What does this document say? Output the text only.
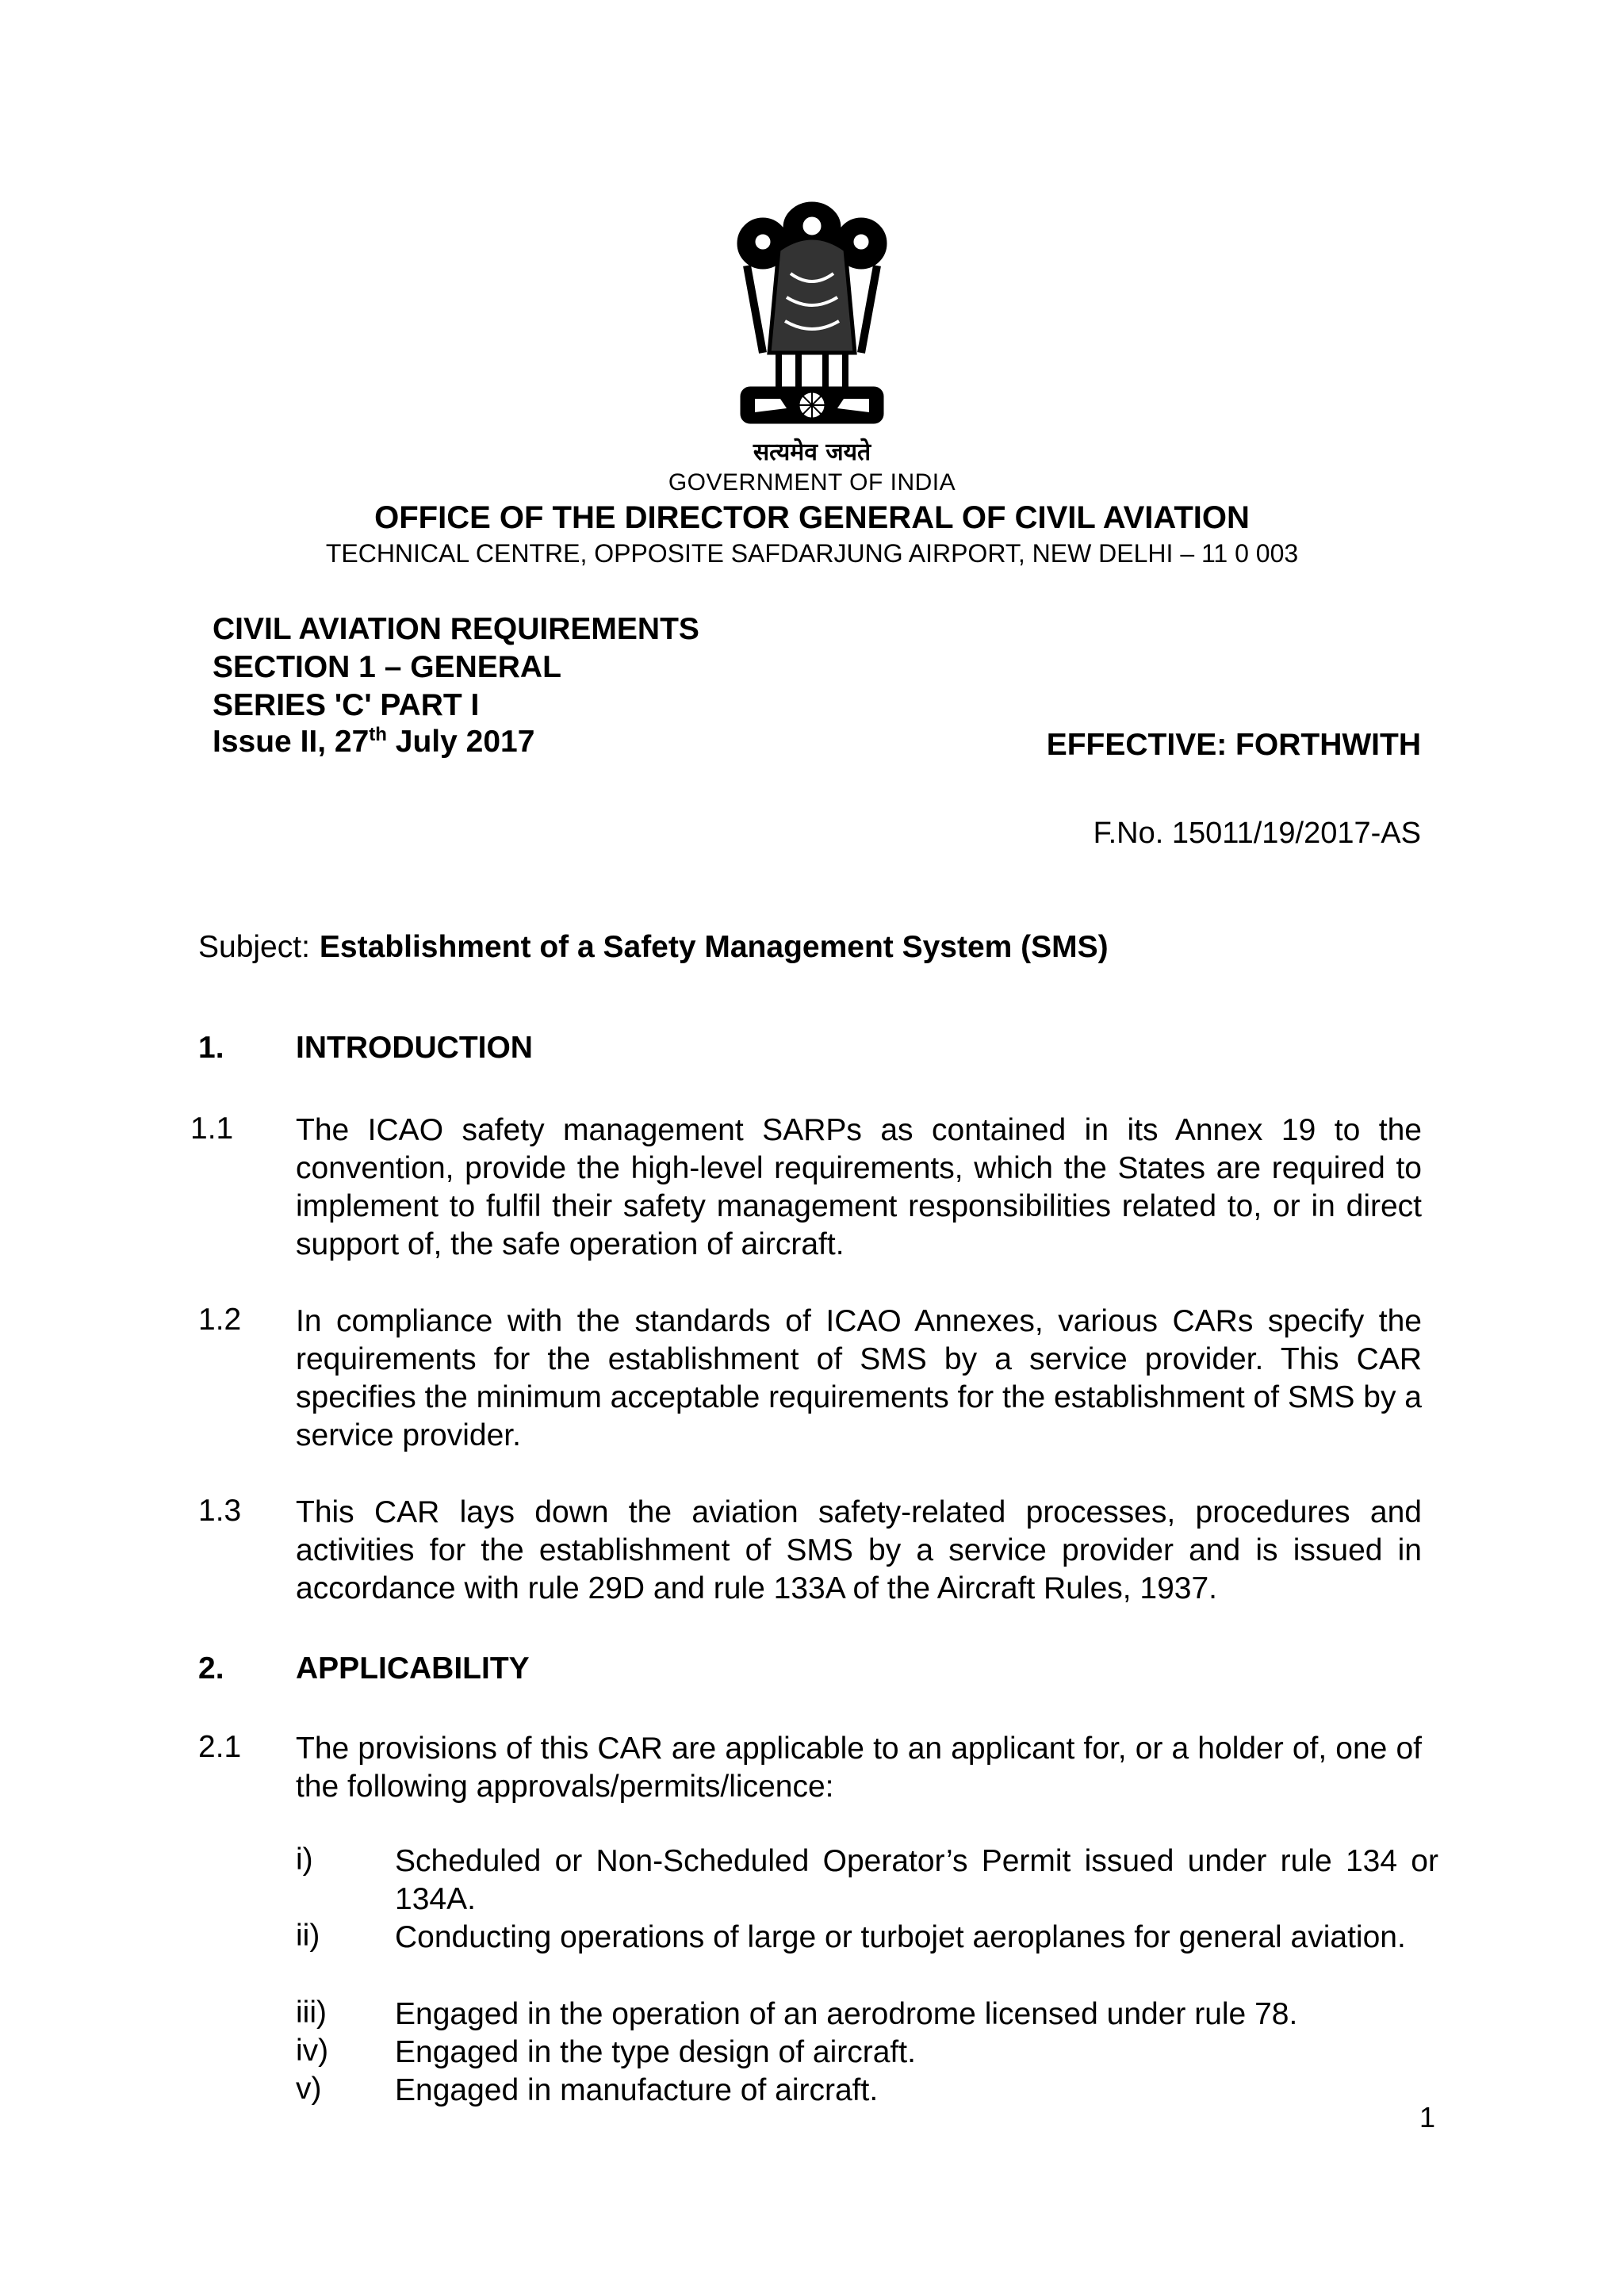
सत्यमेव जयते
GOVERNMENT OF INDIA
OFFICE OF THE DIRECTOR GENERAL OF CIVIL AVIATION
TECHNICAL CENTRE, OPPOSITE SAFDARJUNG AIRPORT, NEW DELHI – 11 0 003
CIVIL AVIATION REQUIREMENTS
SECTION 1 – GENERAL
SERIES 'C' PART I
Issue II, 27th July 2017	EFFECTIVE: FORTHWITH
F.No. 15011/19/2017-AS
Subject: Establishment of a Safety Management System (SMS)
1. INTRODUCTION
1.1 The ICAO safety management SARPs as contained in its Annex 19 to the convention, provide the high-level requirements, which the States are required to implement to fulfil their safety management responsibilities related to, or in direct support of, the safe operation of aircraft.
1.2 In compliance with the standards of ICAO Annexes, various CARs specify the requirements for the establishment of SMS by a service provider. This CAR specifies the minimum acceptable requirements for the establishment of SMS by a service provider.
1.3 This CAR lays down the aviation safety-related processes, procedures and activities for the establishment of SMS by a service provider and is issued in accordance with rule 29D and rule 133A of the Aircraft Rules, 1937.
2. APPLICABILITY
2.1 The provisions of this CAR are applicable to an applicant for, or a holder of, one of the following approvals/permits/licence:
i)	Scheduled or Non-Scheduled Operator’s Permit issued under rule 134 or 134A.
ii) Conducting operations of large or turbojet aeroplanes for general aviation.
iii) Engaged in the operation of an aerodrome licensed under rule 78.
iv) Engaged in the type design of aircraft.
v) Engaged in manufacture of aircraft.
1
